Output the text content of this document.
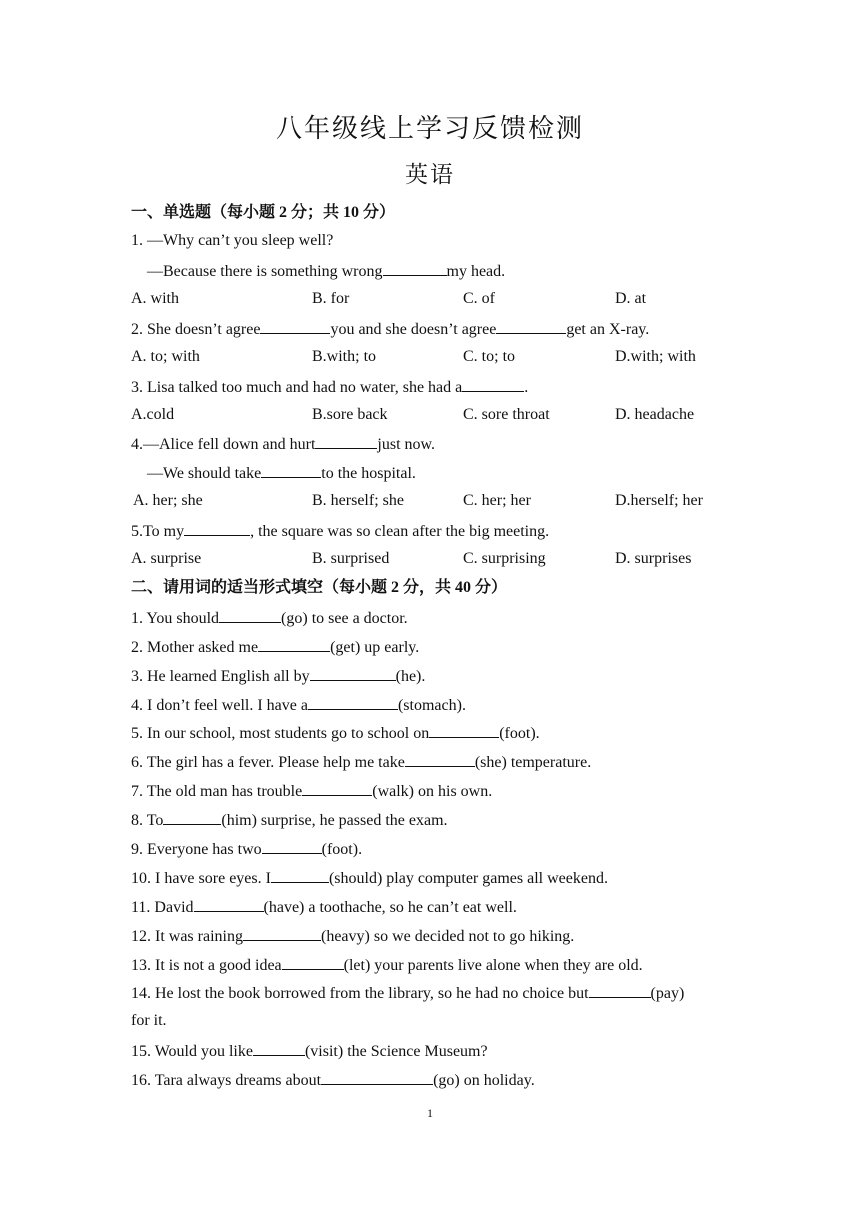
八年级线上学习反馈检测
英语
一、单选题（每小题 2 分；共 10 分）
1. —Why can’t you sleep well?
—Because there is something wrong	my head.
A. with	B. for	C. of	D. at
2. She doesn’t agree	you and she doesn’t agree	get an X-ray.
A. to; with	B.with; to	C. to; to	D.with; with
3. Lisa talked too much and had no water, she had a	.
A.cold	B.sore back	C. sore throat	D. headache
4.—Alice fell down and hurt	just now.
—We should take	to the hospital.
A. her; she	B. herself; she	C. her; her	D.herself; her
5.To my	, the square was so clean after the big meeting.
A. surprise	B. surprised	C. surprising	D. surprises
二、请用词的适当形式填空（每小题 2 分，共 40 分）
1. You should	(go) to see a doctor.
2. Mother asked me	(get) up early.
3. He learned English all by	(he).
4. I don’t feel well. I have a	(stomach).
5. In our school, most students go to school on	(foot).
6. The girl has a fever. Please help me take	(she) temperature.
7. The old man has trouble	(walk) on his own.
8. To	(him) surprise, he passed the exam.
9. Everyone has two	(foot).
10. I have sore eyes. I	(should) play computer games all weekend.
11. David	(have) a toothache, so he can’t eat well.
12. It was raining	(heavy) so we decided not to go hiking.
13. It is not a good idea	(let) your parents live alone when they are old.
14. He lost the book borrowed from the library, so he had no choice but	(pay)
for it.
15. Would you like	(visit) the Science Museum?
16. Tara always dreams about	(go) on holiday.
1
